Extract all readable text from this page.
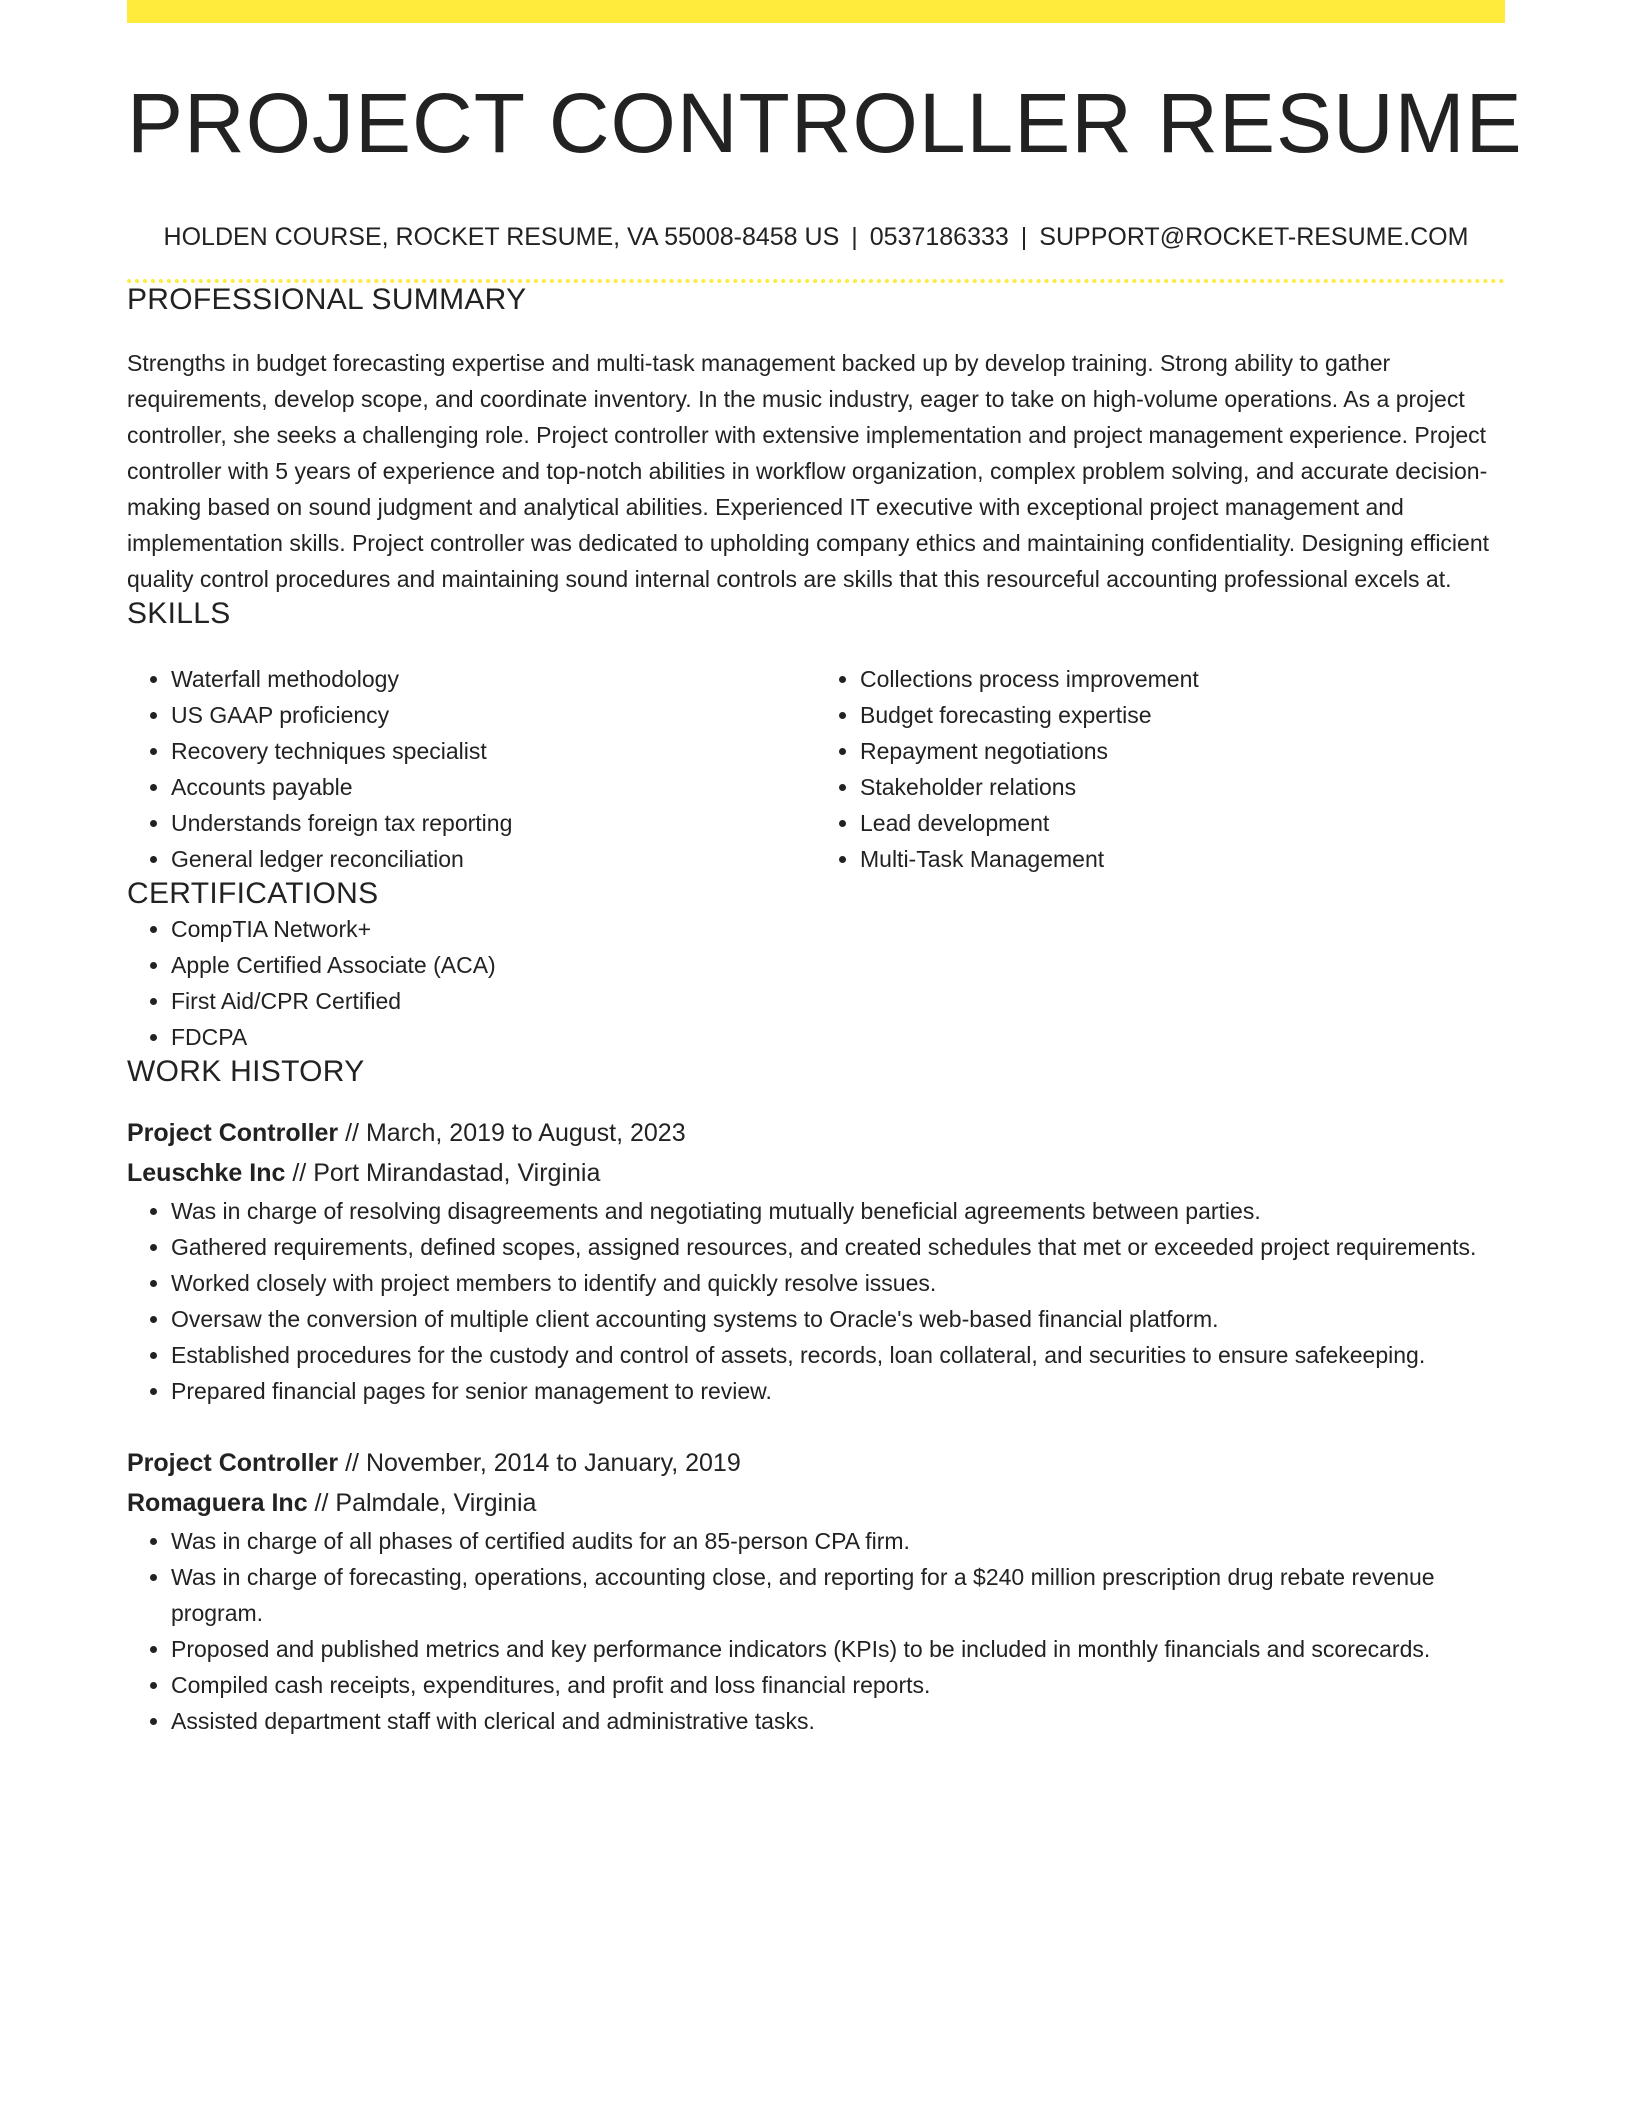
PROJECT CONTROLLER RESUME
HOLDEN COURSE, ROCKET RESUME, VA 55008-8458 US | 0537186333 | SUPPORT@ROCKET-RESUME.COM
PROFESSIONAL SUMMARY
Strengths in budget forecasting expertise and multi-task management backed up by develop training. Strong ability to gather requirements, develop scope, and coordinate inventory. In the music industry, eager to take on high-volume operations. As a project controller, she seeks a challenging role. Project controller with extensive implementation and project management experience. Project controller with 5 years of experience and top-notch abilities in workflow organization, complex problem solving, and accurate decision-making based on sound judgment and analytical abilities. Experienced IT executive with exceptional project management and implementation skills. Project controller was dedicated to upholding company ethics and maintaining confidentiality. Designing efficient quality control procedures and maintaining sound internal controls are skills that this resourceful accounting professional excels at.
SKILLS
• Waterfall methodology
• US GAAP proficiency
• Recovery techniques specialist
• Accounts payable
• Understands foreign tax reporting
• General ledger reconciliation
• Collections process improvement
• Budget forecasting expertise
• Repayment negotiations
• Stakeholder relations
• Lead development
• Multi-Task Management
CERTIFICATIONS
• CompTIA Network+
• Apple Certified Associate (ACA)
• First Aid/CPR Certified
• FDCPA
WORK HISTORY
Project Controller // March, 2019 to August, 2023
Leuschke Inc // Port Mirandastad, Virginia
• Was in charge of resolving disagreements and negotiating mutually beneficial agreements between parties.
• Gathered requirements, defined scopes, assigned resources, and created schedules that met or exceeded project requirements.
• Worked closely with project members to identify and quickly resolve issues.
• Oversaw the conversion of multiple client accounting systems to Oracle's web-based financial platform.
• Established procedures for the custody and control of assets, records, loan collateral, and securities to ensure safekeeping.
• Prepared financial pages for senior management to review.
Project Controller // November, 2014 to January, 2019
Romaguera Inc // Palmdale, Virginia
• Was in charge of all phases of certified audits for an 85-person CPA firm.
• Was in charge of forecasting, operations, accounting close, and reporting for a $240 million prescription drug rebate revenue program.
• Proposed and published metrics and key performance indicators (KPIs) to be included in monthly financials and scorecards.
• Compiled cash receipts, expenditures, and profit and loss financial reports.
• Assisted department staff with clerical and administrative tasks.
